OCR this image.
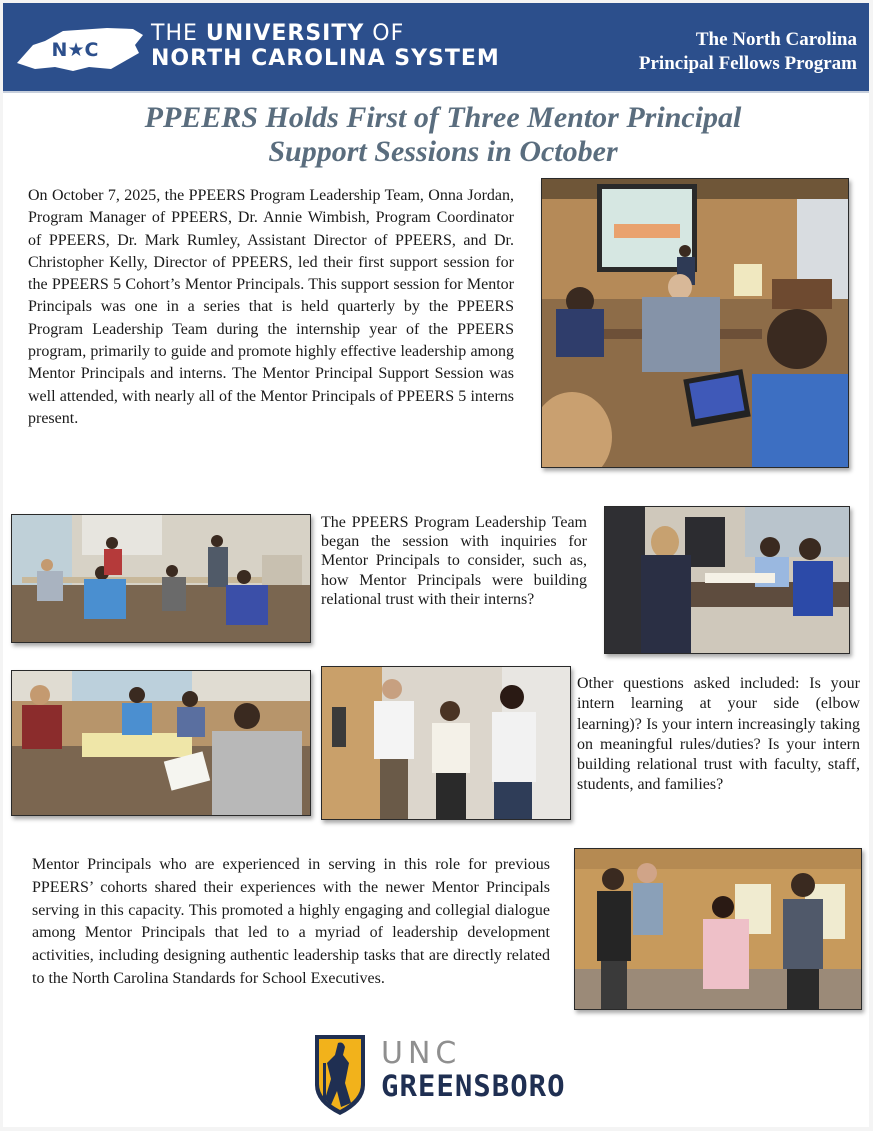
N★C
THE UNIVERSITY OF
NORTH CAROLINA SYSTEM
The North Carolina
Principal Fellows Program
PPEERS Holds First of Three Mentor Principal
Support Sessions in October
On October 7, 2025, the PPEERS Program Leadership Team, Onna Jordan, Program Manager of PPEERS, Dr. Annie Wimbish, Program Coordinator of PPEERS, Dr. Mark Rumley, Assistant Director of PPEERS, and Dr. Christopher Kelly, Director of PPEERS, led their first support session for the PPEERS 5 Cohort’s Mentor Principals. This support session for Mentor Principals was one in a series that is held quarterly by the PPEERS Program Leadership Team during the internship year of the PPEERS program, primarily to guide and promote highly effective leadership among Mentor Principals and interns. The Mentor Principal Support Session was well attended, with nearly all of the Mentor Principals of PPEERS 5 interns present.
The PPEERS Program Leadership Team began the session with inquiries for Mentor Principals to consider, such as, how Mentor Principals were building relational trust with their interns?
Other questions asked included: Is your intern learning at your side (elbow learning)? Is your intern increasingly taking on meaningful rules/duties? Is your intern building relational trust with faculty, staff, students, and families?
Mentor Principals who are experienced in serving in this role for previous PPEERS’ cohorts shared their experiences with the newer Mentor Principals serving in this capacity. This promoted a highly engaging and collegial dialogue among Mentor Principals that led to a myriad of leadership development activities, including designing authentic leadership tasks that are directly related to the North Carolina Standards for School Executives.
UNC
GREENSBORO
